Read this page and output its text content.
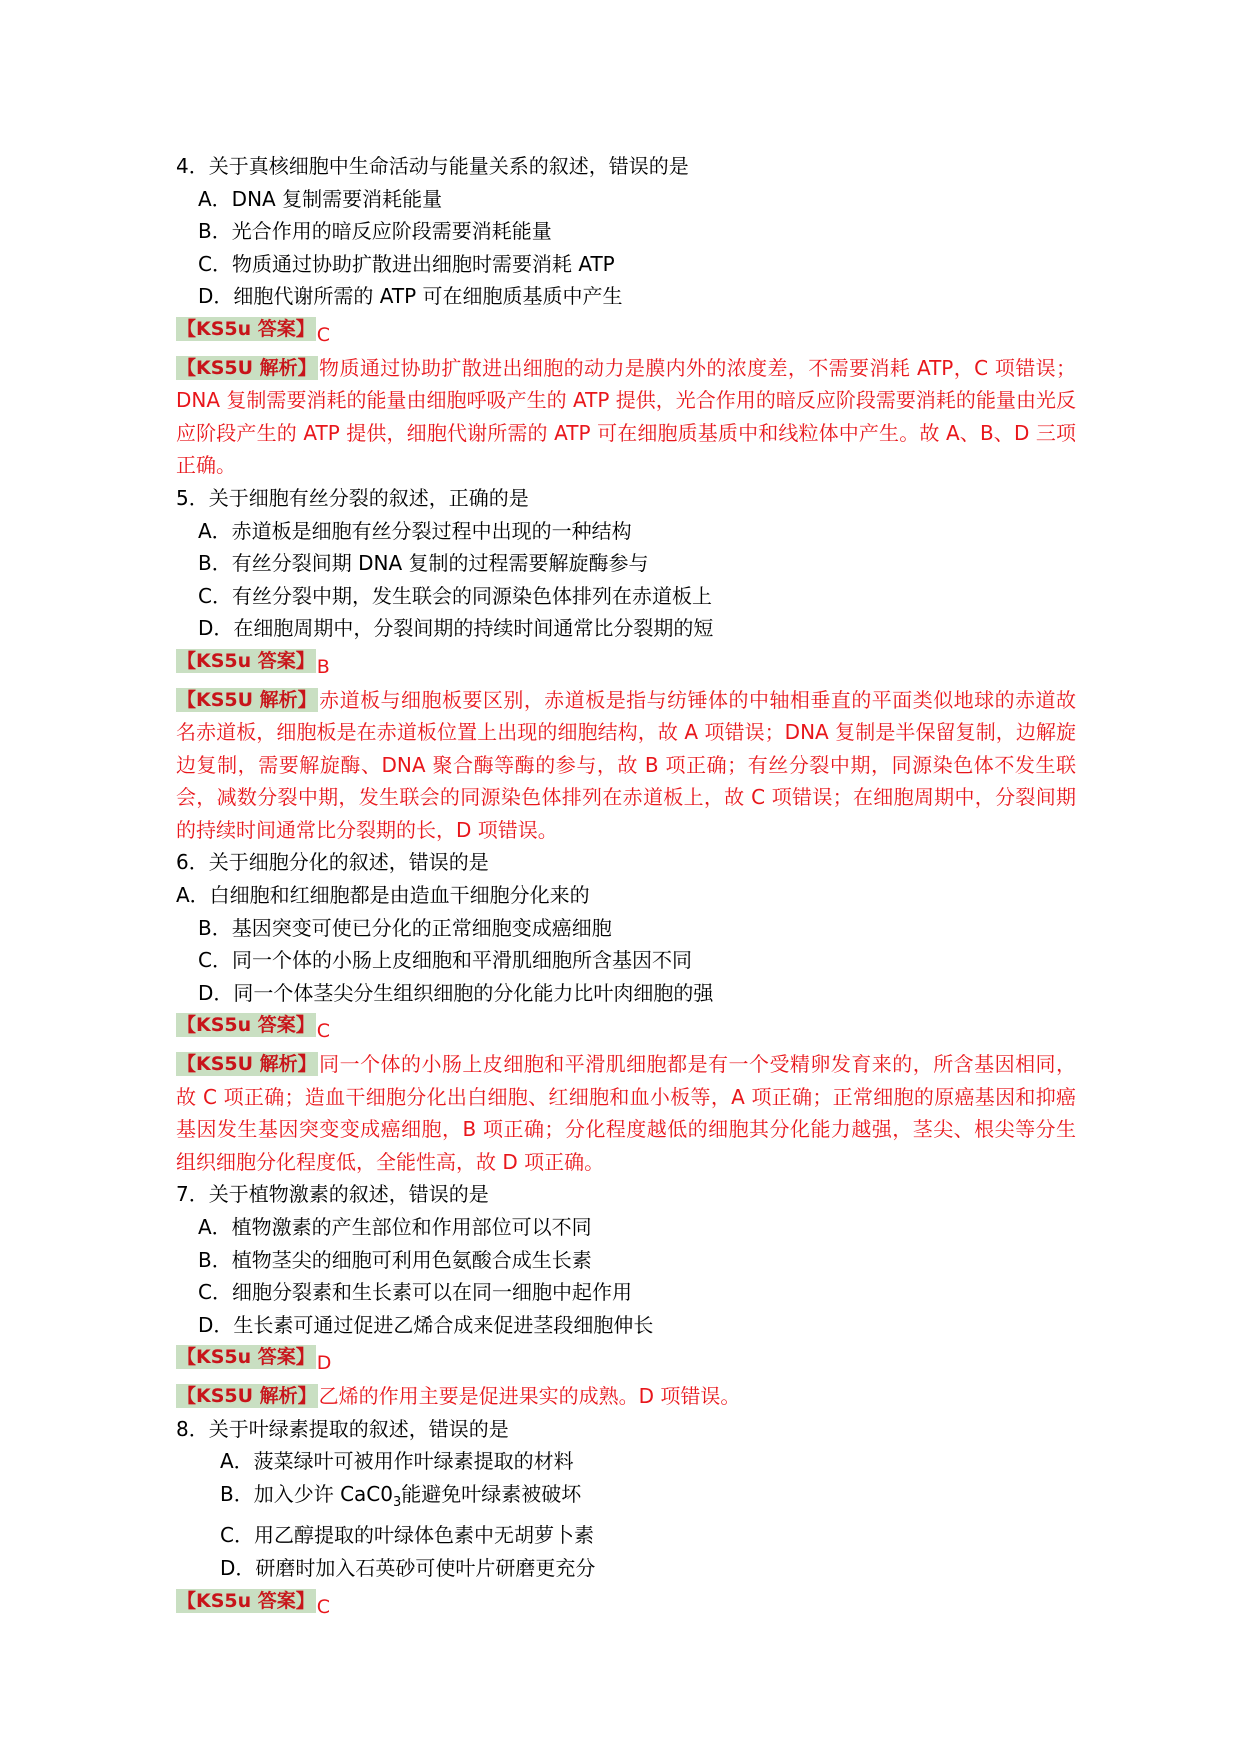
4．关于真核细胞中生命活动与能量关系的叙述，错误的是
A．DNA 复制需要消耗能量
B．光合作用的暗反应阶段需要消耗能量
C．物质通过协助扩散进出细胞时需要消耗 ATP
D．细胞代谢所需的 ATP 可在细胞质基质中产生
【KS5u 答案】 C
【KS5U 解析】 物质通过协助扩散进出细胞的动力是膜内外的浓度差，不需要消耗 ATP，C 项错误；DNA 复制需要消耗的能量由细胞呼吸产生的 ATP 提供，光合作用的暗反应阶段需要消耗的能量由光反应阶段产生的 ATP 提供，细胞代谢所需的 ATP 可在细胞质基质中和线粒体中产生。故 A、B、D 三项正确。
5．关于细胞有丝分裂的叙述，正确的是
A．赤道板是细胞有丝分裂过程中出现的一种结构
B．有丝分裂间期 DNA 复制的过程需要解旋酶参与
C．有丝分裂中期，发生联会的同源染色体排列在赤道板上
D．在细胞周期中，分裂间期的持续时间通常比分裂期的短
【KS5u 答案】 B
【KS5U 解析】 赤道板与细胞板要区别，赤道板是指与纺锤体的中轴相垂直的平面类似地球的赤道故名赤道板，细胞板是在赤道板位置上出现的细胞结构，故 A 项错误；DNA 复制是半保留复制，边解旋边复制，需要解旋酶、DNA 聚合酶等酶的参与，故 B 项正确；有丝分裂中期，同源染色体不发生联会，减数分裂中期，发生联会的同源染色体排列在赤道板上，故 C 项错误；在细胞周期中，分裂间期的持续时间通常比分裂期的长，D 项错误。
6．关于细胞分化的叙述，错误的是
A．白细胞和红细胞都是由造血干细胞分化来的
B．基因突变可使已分化的正常细胞变成癌细胞
C．同一个体的小肠上皮细胞和平滑肌细胞所含基因不同
D．同一个体茎尖分生组织细胞的分化能力比叶肉细胞的强
【KS5u 答案】 C
【KS5U 解析】 同一个体的小肠上皮细胞和平滑肌细胞都是有一个受精卵发育来的，所含基因相同，故 C 项正确；造血干细胞分化出白细胞、红细胞和血小板等，A 项正确；正常细胞的原癌基因和抑癌基因发生基因突变变成癌细胞，B 项正确；分化程度越低的细胞其分化能力越强，茎尖、根尖等分生组织细胞分化程度低，全能性高，故 D 项正确。
7．关于植物激素的叙述，错误的是
A．植物激素的产生部位和作用部位可以不同
B．植物茎尖的细胞可利用色氨酸合成生长素
C．细胞分裂素和生长素可以在同一细胞中起作用
D．生长素可通过促进乙烯合成来促进茎段细胞伸长
【KS5u 答案】 D
【KS5U 解析】 乙烯的作用主要是促进果实的成熟。D 项错误。
8．关于叶绿素提取的叙述，错误的是
A．菠菜绿叶可被用作叶绿素提取的材料
B．加入少许 $CaC0_3$能避免叶绿素被破坏
C．用乙醇提取的叶绿体色素中无胡萝卜素
D．研磨时加入石英砂可使叶片研磨更充分
【KS5u 答案】 C
